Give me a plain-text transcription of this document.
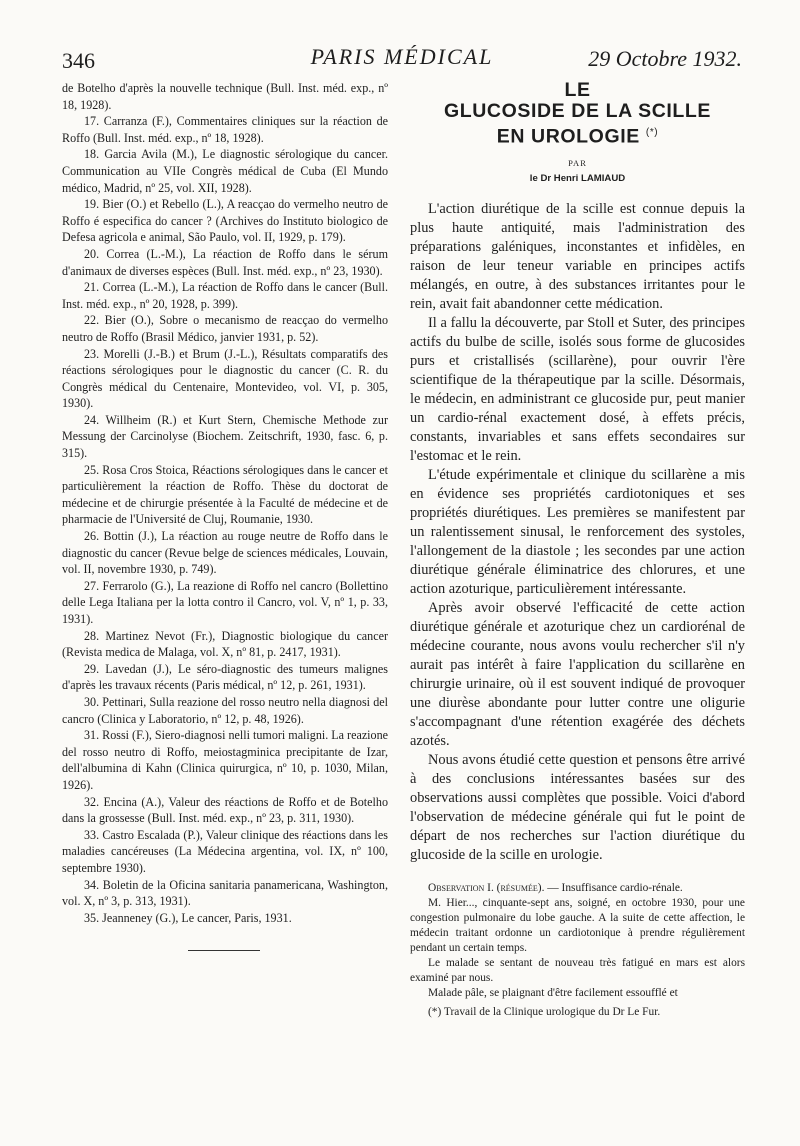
346	PARIS MÉDICAL	29 Octobre 1932.

de Botelho d'après la nouvelle technique (Bull. Inst. méd. exp., nº 18, 1928).

17. Carranza (F.), Commentaires cliniques sur la réaction de Roffo (Bull. Inst. méd. exp., nº 18, 1928).

18. Garcia Avila (M.), Le diagnostic sérologique du cancer. Communication au VIIe Congrès médical de Cuba (El Mundo médico, Madrid, nº 25, vol. XII, 1928).

19. Bier (O.) et Rebello (L.), A reacçao do vermelho neutro de Roffo é especifica do cancer ? (Archives do Instituto biologico de Defesa agricola e animal, São Paulo, vol. II, 1929, p. 179).

20. Correa (L.-M.), La réaction de Roffo dans le sérum d'animaux de diverses espèces (Bull. Inst. méd. exp., nº 23, 1930).

21. Correa (L.-M.), La réaction de Roffo dans le cancer (Bull. Inst. méd. exp., nº 20, 1928, p. 399).

22. Bier (O.), Sobre o mecanismo de reacçao do vermelho neutro de Roffo (Brasil Médico, janvier 1931, p. 52).

23. Morelli (J.-B.) et Brum (J.-L.), Résultats comparatifs des réactions sérologiques pour le diagnostic du cancer (C. R. du Congrès médical du Centenaire, Montevideo, vol. VI, p. 305, 1930).

24. Willheim (R.) et Kurt Stern, Chemische Methode zur Messung der Carcinolyse (Biochem. Zeitschrift, 1930, fasc. 6, p. 315).

25. Rosa Cros Stoica, Réactions sérologiques dans le cancer et particulièrement la réaction de Roffo. Thèse du doctorat de médecine et de chirurgie présentée à la Faculté de médecine et de pharmacie de l'Université de Cluj, Roumanie, 1930.

26. Bottin (J.), La réaction au rouge neutre de Roffo dans le diagnostic du cancer (Revue belge de sciences médicales, Louvain, vol. II, novembre 1930, p. 749).

27. Ferrarolo (G.), La reazione di Roffo nel cancro (Bollettino delle Lega Italiana per la lotta contro il Cancro, vol. V, nº 1, p. 33, 1931).

28. Martinez Nevot (Fr.), Diagnostic biologique du cancer (Revista medica de Malaga, vol. X, nº 81, p. 2417, 1931).

29. Lavedan (J.), Le séro-diagnostic des tumeurs malignes d'après les travaux récents (Paris médical, nº 12, p. 261, 1931).

30. Pettinari, Sulla reazione del rosso neutro nella diagnosi del cancro (Clinica y Laboratorio, nº 12, p. 48, 1926).

31. Rossi (F.), Siero-diagnosi nelli tumori maligni. La reazione del rosso neutro di Roffo, meiostagminica precipitante de Izar, dell'albumina di Kahn (Clinica quirurgica, nº 10, p. 1030, Milan, 1926).

32. Encina (A.), Valeur des réactions de Roffo et de Botelho dans la grossesse (Bull. Inst. méd. exp., nº 23, p. 311, 1930).

33. Castro Escalada (P.), Valeur clinique des réactions dans les maladies cancéreuses (La Médecina argentina, vol. IX, nº 100, septembre 1930).

34. Boletin de la Oficina sanitaria panamericana, Washington, vol. X, nº 3, p. 313, 1931).

35. Jeanneney (G.), Le cancer, Paris, 1931.

LE
GLUCOSIDE DE LA SCILLE
EN UROLOGIE (*)
PAR
le Dr Henri LAMIAUD

L'action diurétique de la scille est connue depuis la plus haute antiquité, mais l'administration des préparations galéniques, inconstantes et infidèles, en raison de leur teneur variable en principes actifs mélangés, en outre, à des substances irritantes pour le rein, avait fait abandonner cette médication.

Il a fallu la découverte, par Stoll et Suter, des principes actifs du bulbe de scille, isolés sous forme de glucosides purs et cristallisés (scillarène), pour ouvrir l'ère scientifique de la thérapeutique par la scille. Désormais, le médecin, en administrant ce glucoside pur, peut manier un cardio-rénal exactement dosé, à effets précis, constants, invariables et sans effets secondaires sur l'estomac et le rein.

L'étude expérimentale et clinique du scillarène a mis en évidence ses propriétés cardiotoniques et ses propriétés diurétiques. Les premières se manifestent par un ralentissement sinusal, le renforcement des systoles, l'allongement de la diastole ; les secondes par une action diurétique générale éliminatrice des chlorures, et une action azoturique, particulièrement intéressante.

Après avoir observé l'efficacité de cette action diurétique générale et azoturique chez un cardiorénal de médecine courante, nous avons voulu rechercher s'il n'y aurait pas intérêt à faire l'application du scillarène en chirurgie urinaire, où il est souvent indiqué de provoquer une diurèse abondante pour lutter contre une oligurie s'accompagnant d'une rétention exagérée des déchets azotés.

Nous avons étudié cette question et pensons être arrivé à des conclusions intéressantes basées sur des observations aussi complètes que possible. Voici d'abord l'observation de médecine générale qui fut le point de départ de nos recherches sur l'action diurétique du glucoside de la scille en urologie.

Observation I. (résumée). — Insuffisance cardio-rénale.

M. Hier..., cinquante-sept ans, soigné, en octobre 1930, pour une congestion pulmonaire du lobe gauche. A la suite de cette affection, le médecin traitant ordonne un cardiotonique à prendre régulièrement pendant un certain temps.

Le malade se sentant de nouveau très fatigué en mars est alors examiné par nous.

Malade pâle, se plaignant d'être facilement essoufflé et

(*) Travail de la Clinique urologique du Dr Le Fur.
